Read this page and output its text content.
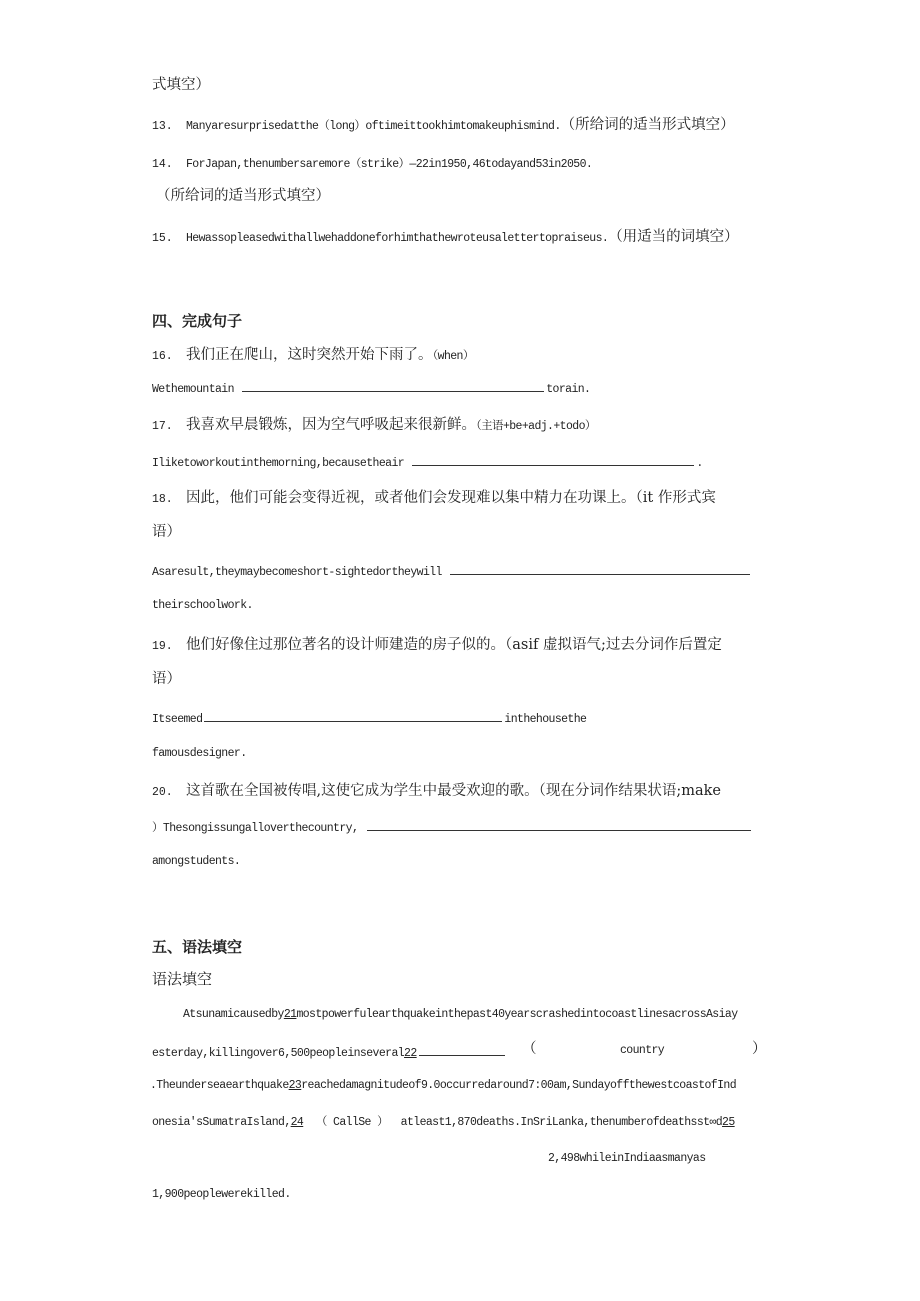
式填空）
13. Manyaresurprisedatthe（long）oftimeittookhimtomakeuphismind.（所给词的适当形式填空）
14. ForJapan,thenumbersaremore（strike）—22in1950,46todayand53in2050.
（所给词的适当形式填空）
15. Hewassopleasedwithallwehaddoneforhimthathewroteusalettertopraiseus.（用适当的词填空）
四、完成句子
16. 我们正在爬山，这时突然开始下雨了。（when）
Wethemountain	torain.
17. 我喜欢早晨锻炼，因为空气呼吸起来很新鲜。（主语+be+adj.+todo）
Iliketoworkoutinthemorning,becausetheair	.
18. 因此，他们可能会变得近视，或者他们会发现难以集中精力在功课上。（it 作形式宾
语）
Asaresult,theymaybecomeshort-sightedortheywill
theirschoolwork.
19. 他们好像住过那位著名的设计师建造的房子似的。（asif 虚拟语气;过去分词作后置定
语）
Itseemed	inthehousethe
famousdesigner.
20. 这首歌在全国被传唱,这使它成为学生中最受欢迎的歌。（现在分词作结果状语;make
）Thesongissungalloverthecountry,
amongstudents.
五、语法填空
语法填空
Atsunamicausedby21mostpowerfulearthquakeinthepast40yearscrashedintocoastlinesacrossAsiay
esterday,killingover6,500peopleinseveral22	（	country	）
.Theunderseaearthquake23reachedamagnitudeof9.0occurredaround7:00am,SundayoffthewestcoastofInd
onesia'sSumatraIsland,24 （ CallSe ） atleast1,870deaths.InSriLanka,thenumberofdeathsst∞d25
2,498whileinIndiaasmanyas
1,900peoplewerekilled.
